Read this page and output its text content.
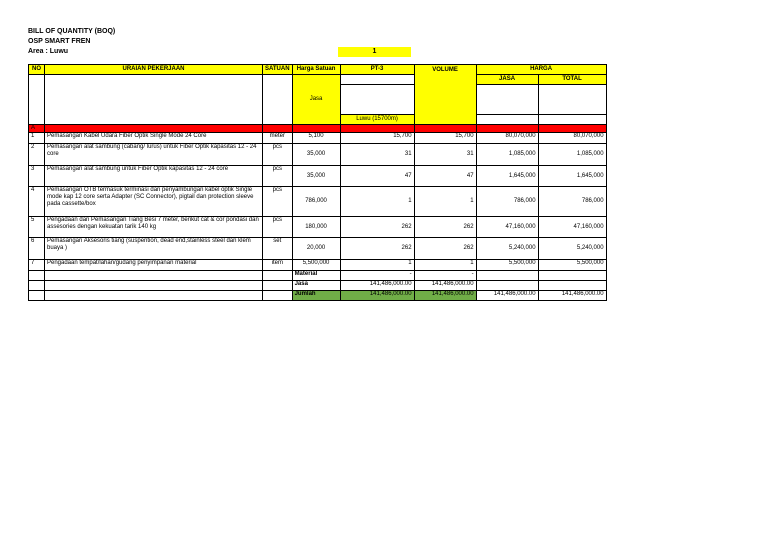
BILL OF QUANTITY (BOQ)
OSP SMART FREN
Area : Luwu	1
NO	URAIAN PEKERJAAN	SATUAN	Harga Satuan	PT-3	VOLUME	HARGA	
			Jasa			JASA	TOTAL

				Luwu (15700m)			
A							
1	Pemasangan Kabel Udara Fiber Optik Single Mode 24 Core	meter	5,100	15,700	15,700	80,070,000	80,070,000
2	Pemasangan alat sambung (cabang/ lurus) untuk Fiber Optik kapasitas 12 - 24 core	pcs	35,000	31	31	1,085,000	1,085,000
3	Pemasangan alat sambung untuk Fiber Optik kapasitas 12 - 24 core	pcs	35,000	47	47	1,645,000	1,645,000
4	Pemasangan OTB termasuk terminasi dan penyambungan kabel optik Single mode kap 12 core serta Adapter (SC Connector), pigtail dan protection sleeve pada cassette/box	pcs	786,000	1	1	786,000	786,000
5	Pengadaan dan Pemasangan Tiang Besi 7 meter, berikut cat & cor pondasi dan assesories dengan kekuatan tarik 140 kg	pcs	180,000	262	262	47,160,000	47,160,000
6	Pemasangan Aksesoris tiang (suspention, dead end,stainless steel dan klem buaya )	set	20,000	262	262	5,240,000	5,240,000
7	Pengadaan tempat/lahan/gudang penyimpanan material	item	5,500,000	1	1	5,500,000	5,500,000
			Material	-	-		
			Jasa	141,486,000.00	141,486,000.00		
			Jumlah	141,486,000.00	141,486,000.00	141,486,000.00	141,486,000.00
